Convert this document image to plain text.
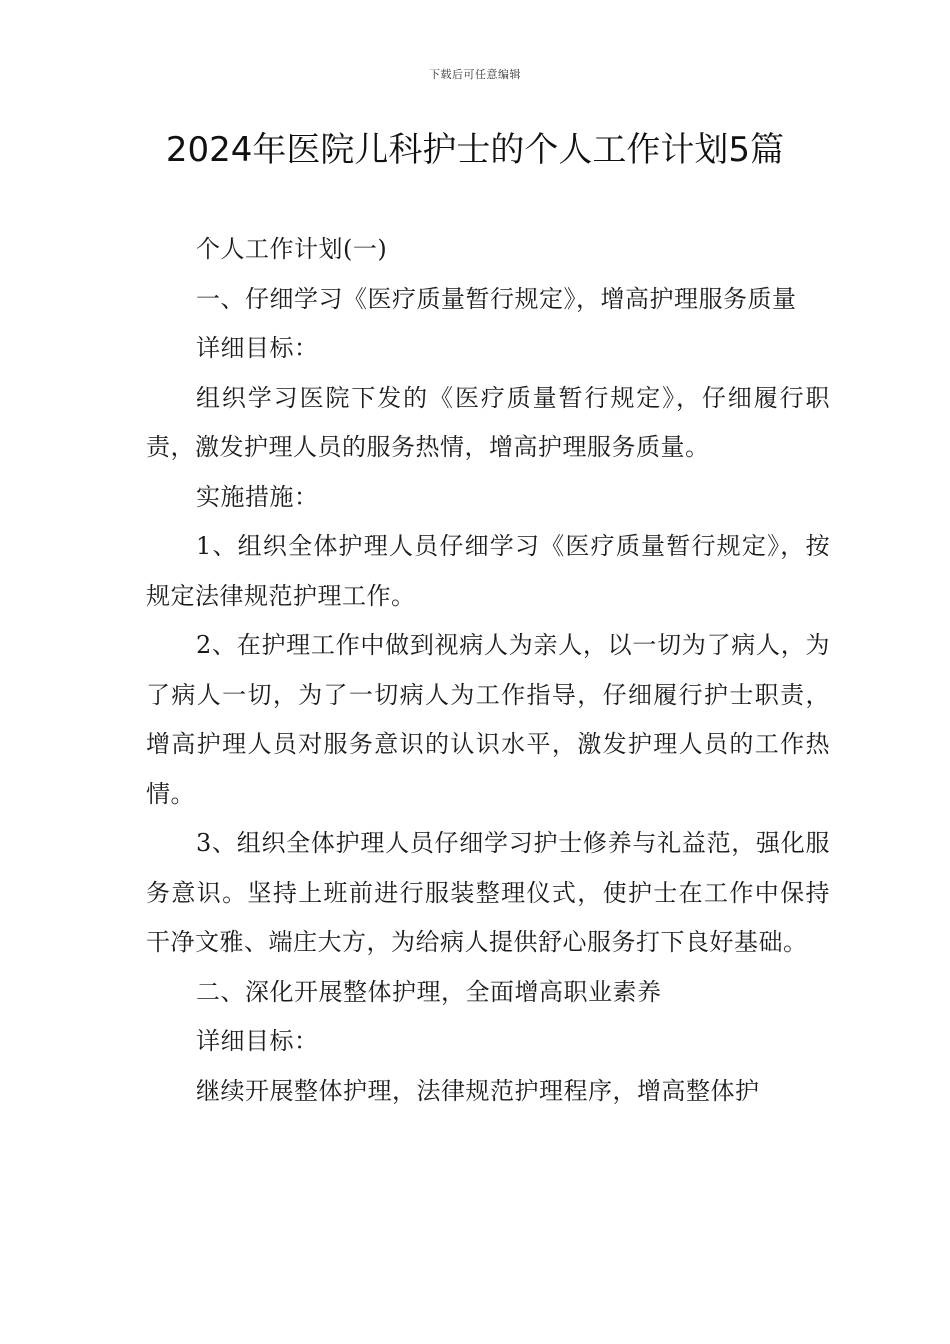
下载后可任意编辑
2024年医院儿科护士的个人工作计划5篇

个人工作计划(一)

一、仔细学习《医疗质量暂行规定》，增高护理服务质量

详细目标：

组织学习医院下发的《医疗质量暂行规定》，仔细履行职责，激发护理人员的服务热情，增高护理服务质量。

实施措施：

1、组织全体护理人员仔细学习《医疗质量暂行规定》，按规定法律规范护理工作。

2、在护理工作中做到视病人为亲人，以一切为了病人，为了病人一切，为了一切病人为工作指导，仔细履行护士职责，增高护理人员对服务意识的认识水平，激发护理人员的工作热情。

3、组织全体护理人员仔细学习护士修养与礼益范，强化服务意识。坚持上班前进行服装整理仪式，使护士在工作中保持干净文雅、端庄大方，为给病人提供舒心服务打下良好基础。

二、深化开展整体护理，全面增高职业素养

详细目标：

继续开展整体护理，法律规范护理程序，增高整体护
